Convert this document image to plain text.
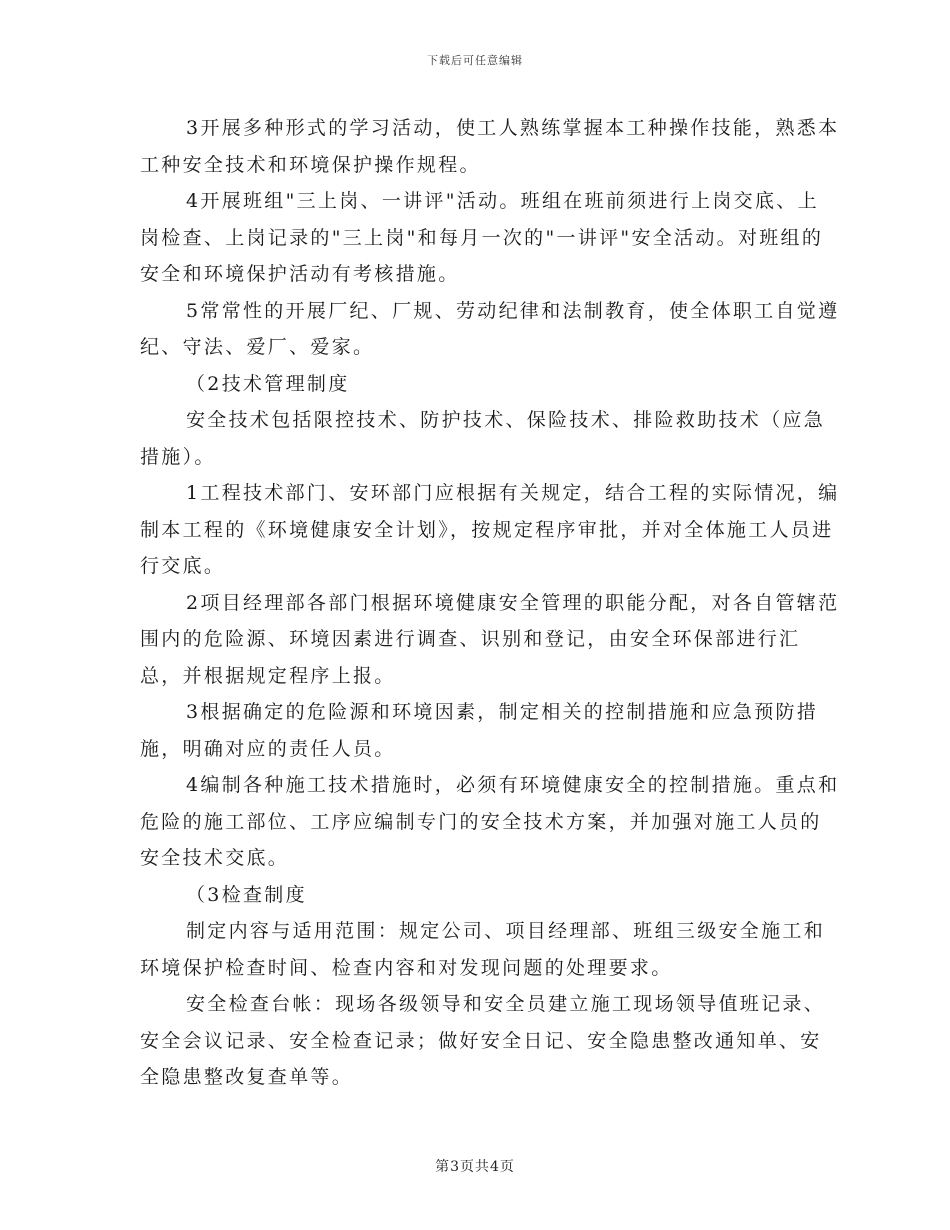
下载后可任意编辑

3开展多种形式的学习活动，使工人熟练掌握本工种操作技能，熟悉本工种安全技术和环境保护操作规程。

4开展班组"三上岗、一讲评"活动。班组在班前须进行上岗交底、上岗检查、上岗记录的"三上岗"和每月一次的"一讲评"安全活动。对班组的安全和环境保护活动有考核措施。

5常常性的开展厂纪、厂规、劳动纪律和法制教育，使全体职工自觉遵纪、守法、爱厂、爱家。

（2技术管理制度

安全技术包括限控技术、防护技术、保险技术、排险救助技术（应急措施）。

1工程技术部门、安环部门应根据有关规定，结合工程的实际情况，编制本工程的《环境健康安全计划》，按规定程序审批，并对全体施工人员进行交底。

2项目经理部各部门根据环境健康安全管理的职能分配，对各自管辖范围内的危险源、环境因素进行调查、识别和登记，由安全环保部进行汇总，并根据规定程序上报。

3根据确定的危险源和环境因素，制定相关的控制措施和应急预防措施，明确对应的责任人员。

4编制各种施工技术措施时，必须有环境健康安全的控制措施。重点和危险的施工部位、工序应编制专门的安全技术方案，并加强对施工人员的安全技术交底。

（3检查制度

制定内容与适用范围：规定公司、项目经理部、班组三级安全施工和环境保护检查时间、检查内容和对发现问题的处理要求。

安全检查台帐：现场各级领导和安全员建立施工现场领导值班记录、安全会议记录、安全检查记录；做好安全日记、安全隐患整改通知单、安全隐患整改复查单等。

第3页共4页
